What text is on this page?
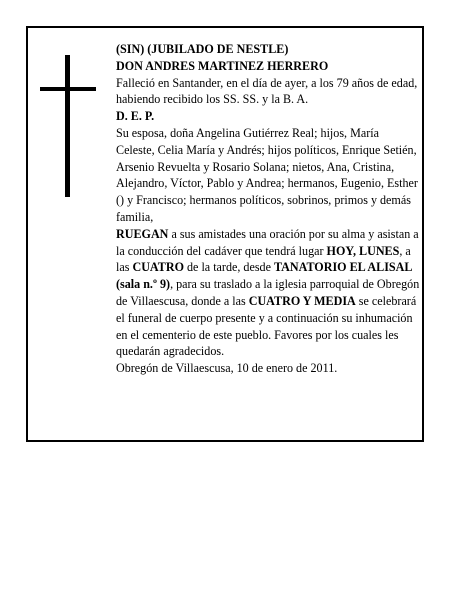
(SIN) (JUBILADO DE NESTLE)

DON ANDRES MARTINEZ HERRERO

Falleció en Santander, en el día de ayer, a los 79 años de edad, habiendo recibido los SS. SS. y la B. A.

D. E. P.

Su esposa, doña Angelina Gutiérrez Real; hijos, María Celeste, Celia María y Andrés; hijos políticos, Enrique Setién, Arsenio Revuelta y Rosario Solana; nietos, Ana, Cristina, Alejandro, Víctor, Pablo y Andrea; hermanos, Eugenio, Esther () y Francisco; hermanos políticos, sobrinos, primos y demás familia,

RUEGAN a sus amistades una oración por su alma y asistan a la conducción del cadáver que tendrá lugar HOY, LUNES, a las CUATRO de la tarde, desde TANATORIO EL ALISAL (sala n.º 9), para su traslado a la iglesia parroquial de Obregón de Villaescusa, donde a las CUATRO Y MEDIA se celebrará el funeral de cuerpo presente y a continuación su inhumación en el cementerio de este pueblo. Favores por los cuales les quedarán agradecidos.

Obregón de Villaescusa, 10 de enero de 2011.
